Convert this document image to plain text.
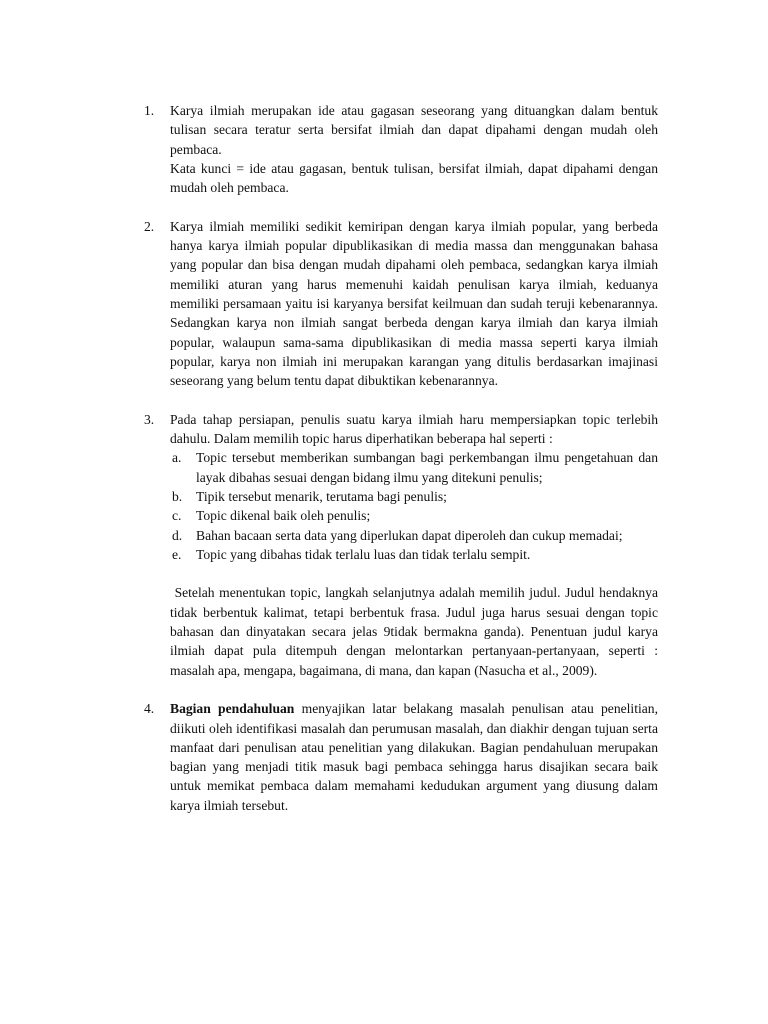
1.	Karya ilmiah merupakan ide atau gagasan seseorang yang dituangkan dalam bentuk tulisan secara teratur serta bersifat ilmiah dan dapat dipahami dengan mudah oleh pembaca.

Kata kunci = ide atau gagasan, bentuk tulisan, bersifat ilmiah, dapat dipahami dengan mudah oleh pembaca.

2.	Karya ilmiah memiliki sedikit kemiripan dengan karya ilmiah popular, yang berbeda hanya karya ilmiah popular dipublikasikan di media massa dan menggunakan bahasa yang popular dan bisa dengan mudah dipahami oleh pembaca, sedangkan karya ilmiah memiliki aturan yang harus memenuhi kaidah penulisan karya ilmiah, keduanya memiliki persamaan yaitu isi karyanya bersifat keilmuan dan sudah teruji kebenarannya. Sedangkan karya non ilmiah sangat berbeda dengan karya ilmiah dan karya ilmiah popular, walaupun sama-sama dipublikasikan di media massa seperti karya ilmiah popular, karya non ilmiah ini merupakan karangan yang ditulis berdasarkan imajinasi seseorang yang belum tentu dapat dibuktikan kebenarannya.

3.	Pada tahap persiapan, penulis suatu karya ilmiah haru mempersiapkan topic terlebih dahulu. Dalam memilih topic harus diperhatikan beberapa hal seperti :

a.	Topic tersebut memberikan sumbangan bagi perkembangan ilmu pengetahuan dan layak dibahas sesuai dengan bidang ilmu yang ditekuni penulis;
b.	Tipik tersebut menarik, terutama bagi penulis;
c.	Topic dikenal baik oleh penulis;
d.	Bahan bacaan serta data yang diperlukan dapat diperoleh dan cukup memadai;
e.	Topic yang dibahas tidak terlalu luas dan tidak terlalu sempit.

Setelah menentukan topic, langkah selanjutnya adalah memilih judul. Judul hendaknya tidak berbentuk kalimat, tetapi berbentuk frasa. Judul juga harus sesuai dengan topic bahasan dan dinyatakan secara jelas 9tidak bermakna ganda). Penentuan judul karya ilmiah dapat pula ditempuh dengan melontarkan pertanyaan-pertanyaan, seperti : masalah apa, mengapa, bagaimana, di mana, dan kapan (Nasucha et al., 2009).

4.	Bagian pendahuluan menyajikan latar belakang masalah penulisan atau penelitian, diikuti oleh identifikasi masalah dan perumusan masalah, dan diakhir dengan tujuan serta manfaat dari penulisan atau penelitian yang dilakukan. Bagian pendahuluan merupakan bagian yang menjadi titik masuk bagi pembaca sehingga harus disajikan secara baik untuk memikat pembaca dalam memahami kedudukan argument yang diusung dalam karya ilmiah tersebut.
